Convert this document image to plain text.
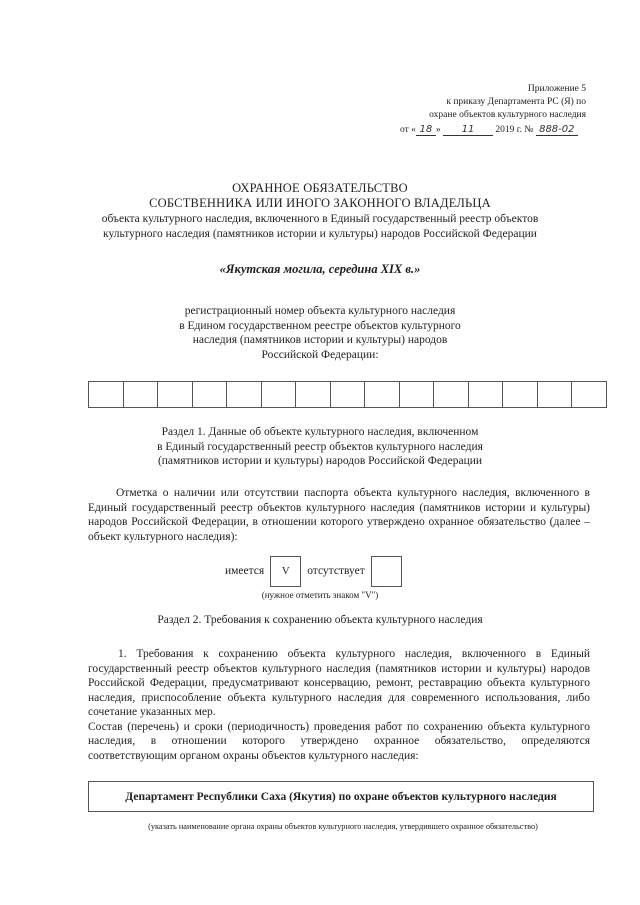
Приложение 5
к приказу Департамента РС (Я) по
охране объектов культурного наследия
от « 18 » 11 2019 г. № 888-02
ОХРАННОЕ ОБЯЗАТЕЛЬСТВО
СОБСТВЕННИКА ИЛИ ИНОГО ЗАКОННОГО ВЛАДЕЛЬЦА
объекта культурного наследия, включенного в Единый государственный реестр объектов
культурного наследия (памятников истории и культуры) народов Российской Федерации
«Якутская могила, середина XIX в.»
регистрационный номер объекта культурного наследия
в Едином государственном реестре объектов культурного
наследия (памятников истории и культуры) народов
Российской Федерации:
Раздел 1. Данные об объекте культурного наследия, включенном
в Единый государственный реестр объектов культурного наследия
(памятников истории и культуры) народов Российской Федерации
Отметка о наличии или отсутствии паспорта объекта культурного наследия, включенного в Единый государственный реестр объектов культурного наследия (памятников истории и культуры) народов Российской Федерации, в отношении которого утверждено охранное обязательство (далее – объект культурного наследия):
имеется V отсутствует
(нужное отметить знаком "V")
Раздел 2. Требования к сохранению объекта культурного наследия
1. Требования к сохранению объекта культурного наследия, включенного в Единый государственный реестр объектов культурного наследия (памятников истории и культуры) народов Российской Федерации, предусматривают консервацию, ремонт, реставрацию объекта культурного наследия, приспособление объекта культурного наследия для современного использования, либо сочетание указанных мер.
Состав (перечень) и сроки (периодичность) проведения работ по сохранению объекта культурного наследия, в отношении которого утверждено охранное обязательство, определяются соответствующим органом охраны объектов культурного наследия:
Департамент Республики Саха (Якутия) по охране объектов культурного наследия
(указать наименование органа охраны объектов культурного наследия, утвердившего охранное обязательство)
